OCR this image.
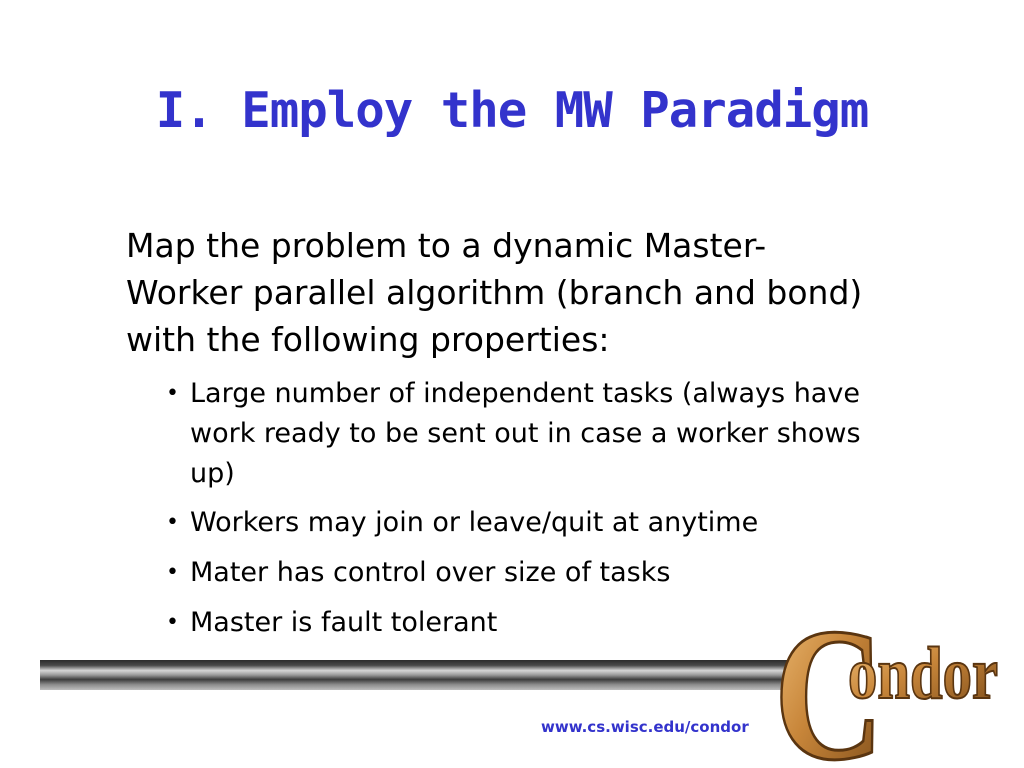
I. Employ the MW Paradigm

Map the problem to a dynamic Master-Worker parallel algorithm (branch and bond) with the following properties:

• Large number of independent tasks (always have work ready to be sent out in case a worker shows up)
• Workers may join or leave/quit at anytime
• Mater has control over size of tasks
• Master is fault tolerant
www.cs.wisc.edu/condor C
ondor
